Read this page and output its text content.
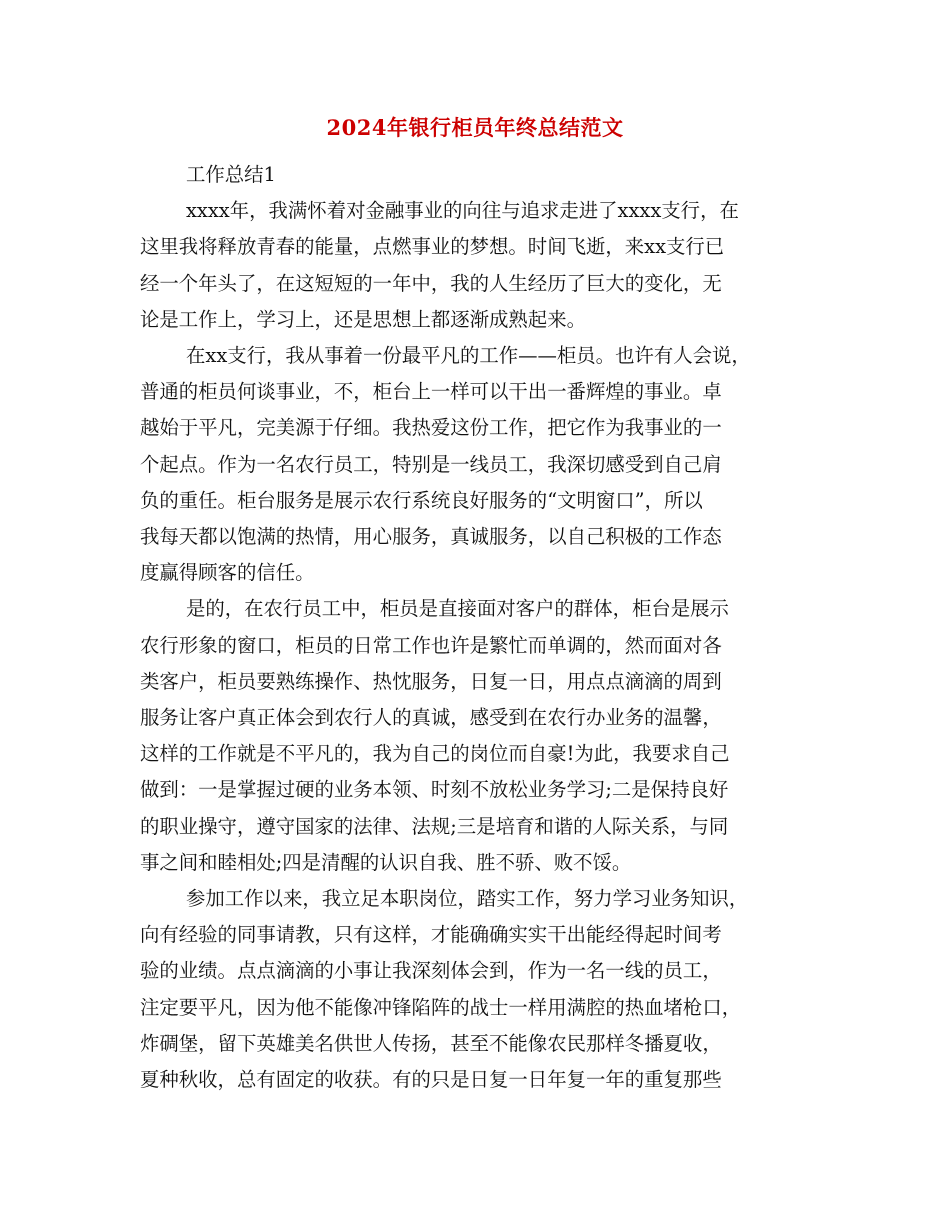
2024年银行柜员年终总结范文
工作总结1
xxxx年，我满怀着对金融事业的向往与追求走进了xxxx支行，在
这里我将释放青春的能量，点燃事业的梦想。时间飞逝，来xx支行已
经一个年头了，在这短短的一年中，我的人生经历了巨大的变化，无
论是工作上，学习上，还是思想上都逐渐成熟起来。
在xx支行，我从事着一份最平凡的工作——柜员。也许有人会说，
普通的柜员何谈事业，不，柜台上一样可以干出一番辉煌的事业。卓
越始于平凡，完美源于仔细。我热爱这份工作，把它作为我事业的一
个起点。作为一名农行员工，特别是一线员工，我深切感受到自己肩
负的重任。柜台服务是展示农行系统良好服务的“文明窗口”，所以
我每天都以饱满的热情，用心服务，真诚服务，以自己积极的工作态
度赢得顾客的信任。
是的，在农行员工中，柜员是直接面对客户的群体，柜台是展示
农行形象的窗口，柜员的日常工作也许是繁忙而单调的，然而面对各
类客户，柜员要熟练操作、热忱服务，日复一日，用点点滴滴的周到
服务让客户真正体会到农行人的真诚，感受到在农行办业务的温馨，
这样的工作就是不平凡的，我为自己的岗位而自豪!为此，我要求自己
做到：一是掌握过硬的业务本领、时刻不放松业务学习;二是保持良好
的职业操守，遵守国家的法律、法规;三是培育和谐的人际关系，与同
事之间和睦相处;四是清醒的认识自我、胜不骄、败不馁。
参加工作以来，我立足本职岗位，踏实工作，努力学习业务知识，
向有经验的同事请教，只有这样，才能确确实实干出能经得起时间考
验的业绩。点点滴滴的小事让我深刻体会到，作为一名一线的员工，
注定要平凡，因为他不能像冲锋陷阵的战士一样用满腔的热血堵枪口，
炸碉堡，留下英雄美名供世人传扬，甚至不能像农民那样冬播夏收，
夏种秋收，总有固定的收获。有的只是日复一日年复一年的重复那些
